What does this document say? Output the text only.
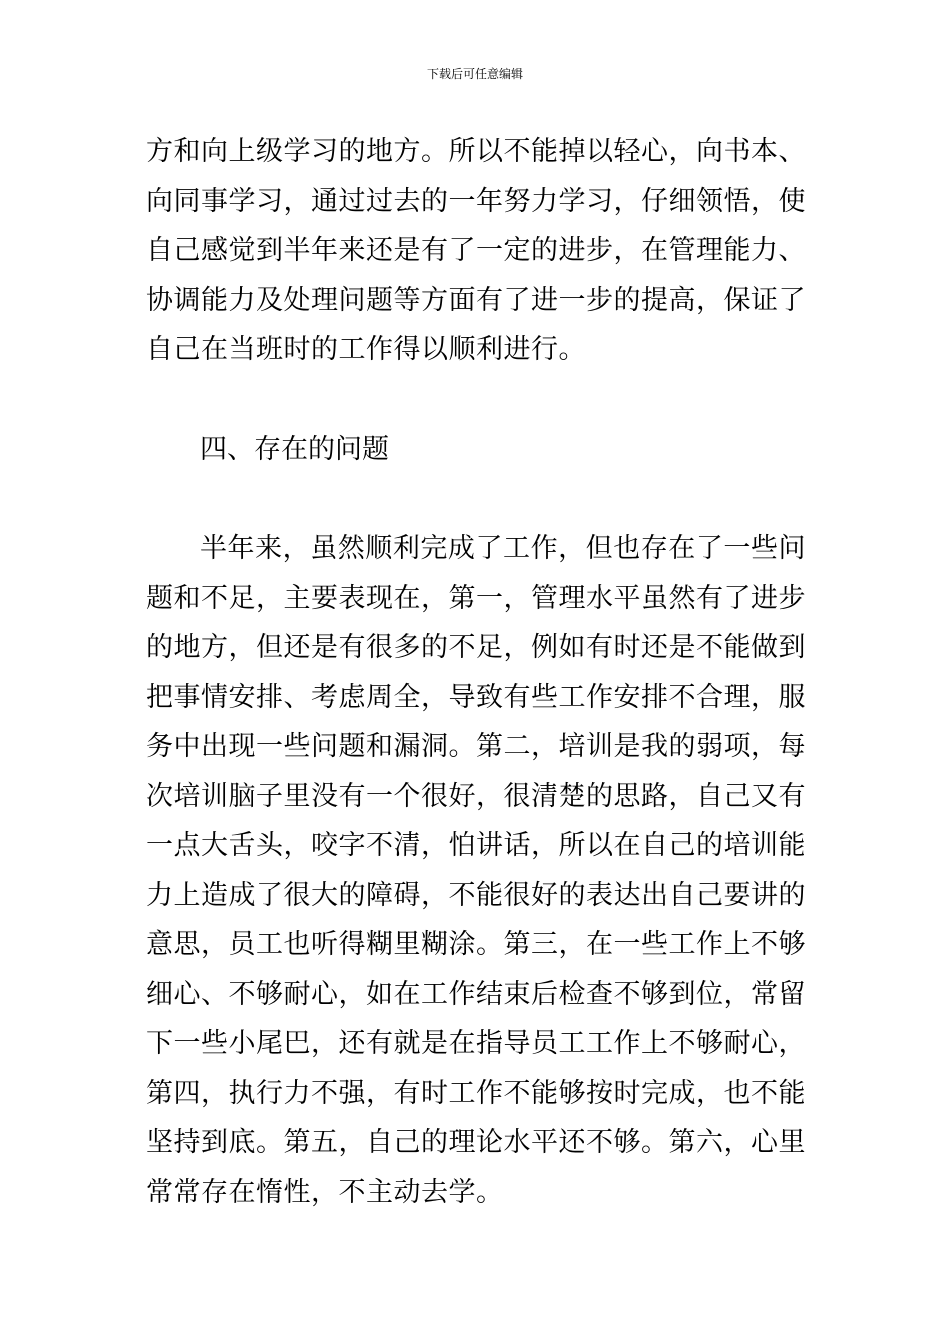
下载后可任意编辑

方和向上级学习的地方。所以不能掉以轻心，向书本、向同事学习，通过过去的一年努力学习，仔细领悟，使自己感觉到半年来还是有了一定的进步，在管理能力、协调能力及处理问题等方面有了进一步的提高，保证了自己在当班时的工作得以顺利进行。

四、存在的问题

半年来，虽然顺利完成了工作，但也存在了一些问题和不足，主要表现在，第一，管理水平虽然有了进步的地方，但还是有很多的不足，例如有时还是不能做到把事情安排、考虑周全，导致有些工作安排不合理，服务中出现一些问题和漏洞。第二，培训是我的弱项，每次培训脑子里没有一个很好，很清楚的思路，自己又有一点大舌头，咬字不清，怕讲话，所以在自己的培训能力上造成了很大的障碍，不能很好的表达出自己要讲的意思，员工也听得糊里糊涂。第三，在一些工作上不够细心、不够耐心，如在工作结束后检查不够到位，常留下一些小尾巴，还有就是在指导员工工作上不够耐心，第四，执行力不强，有时工作不能够按时完成，也不能坚持到底。第五，自己的理论水平还不够。第六，心里常常存在惰性，不主动去学。
